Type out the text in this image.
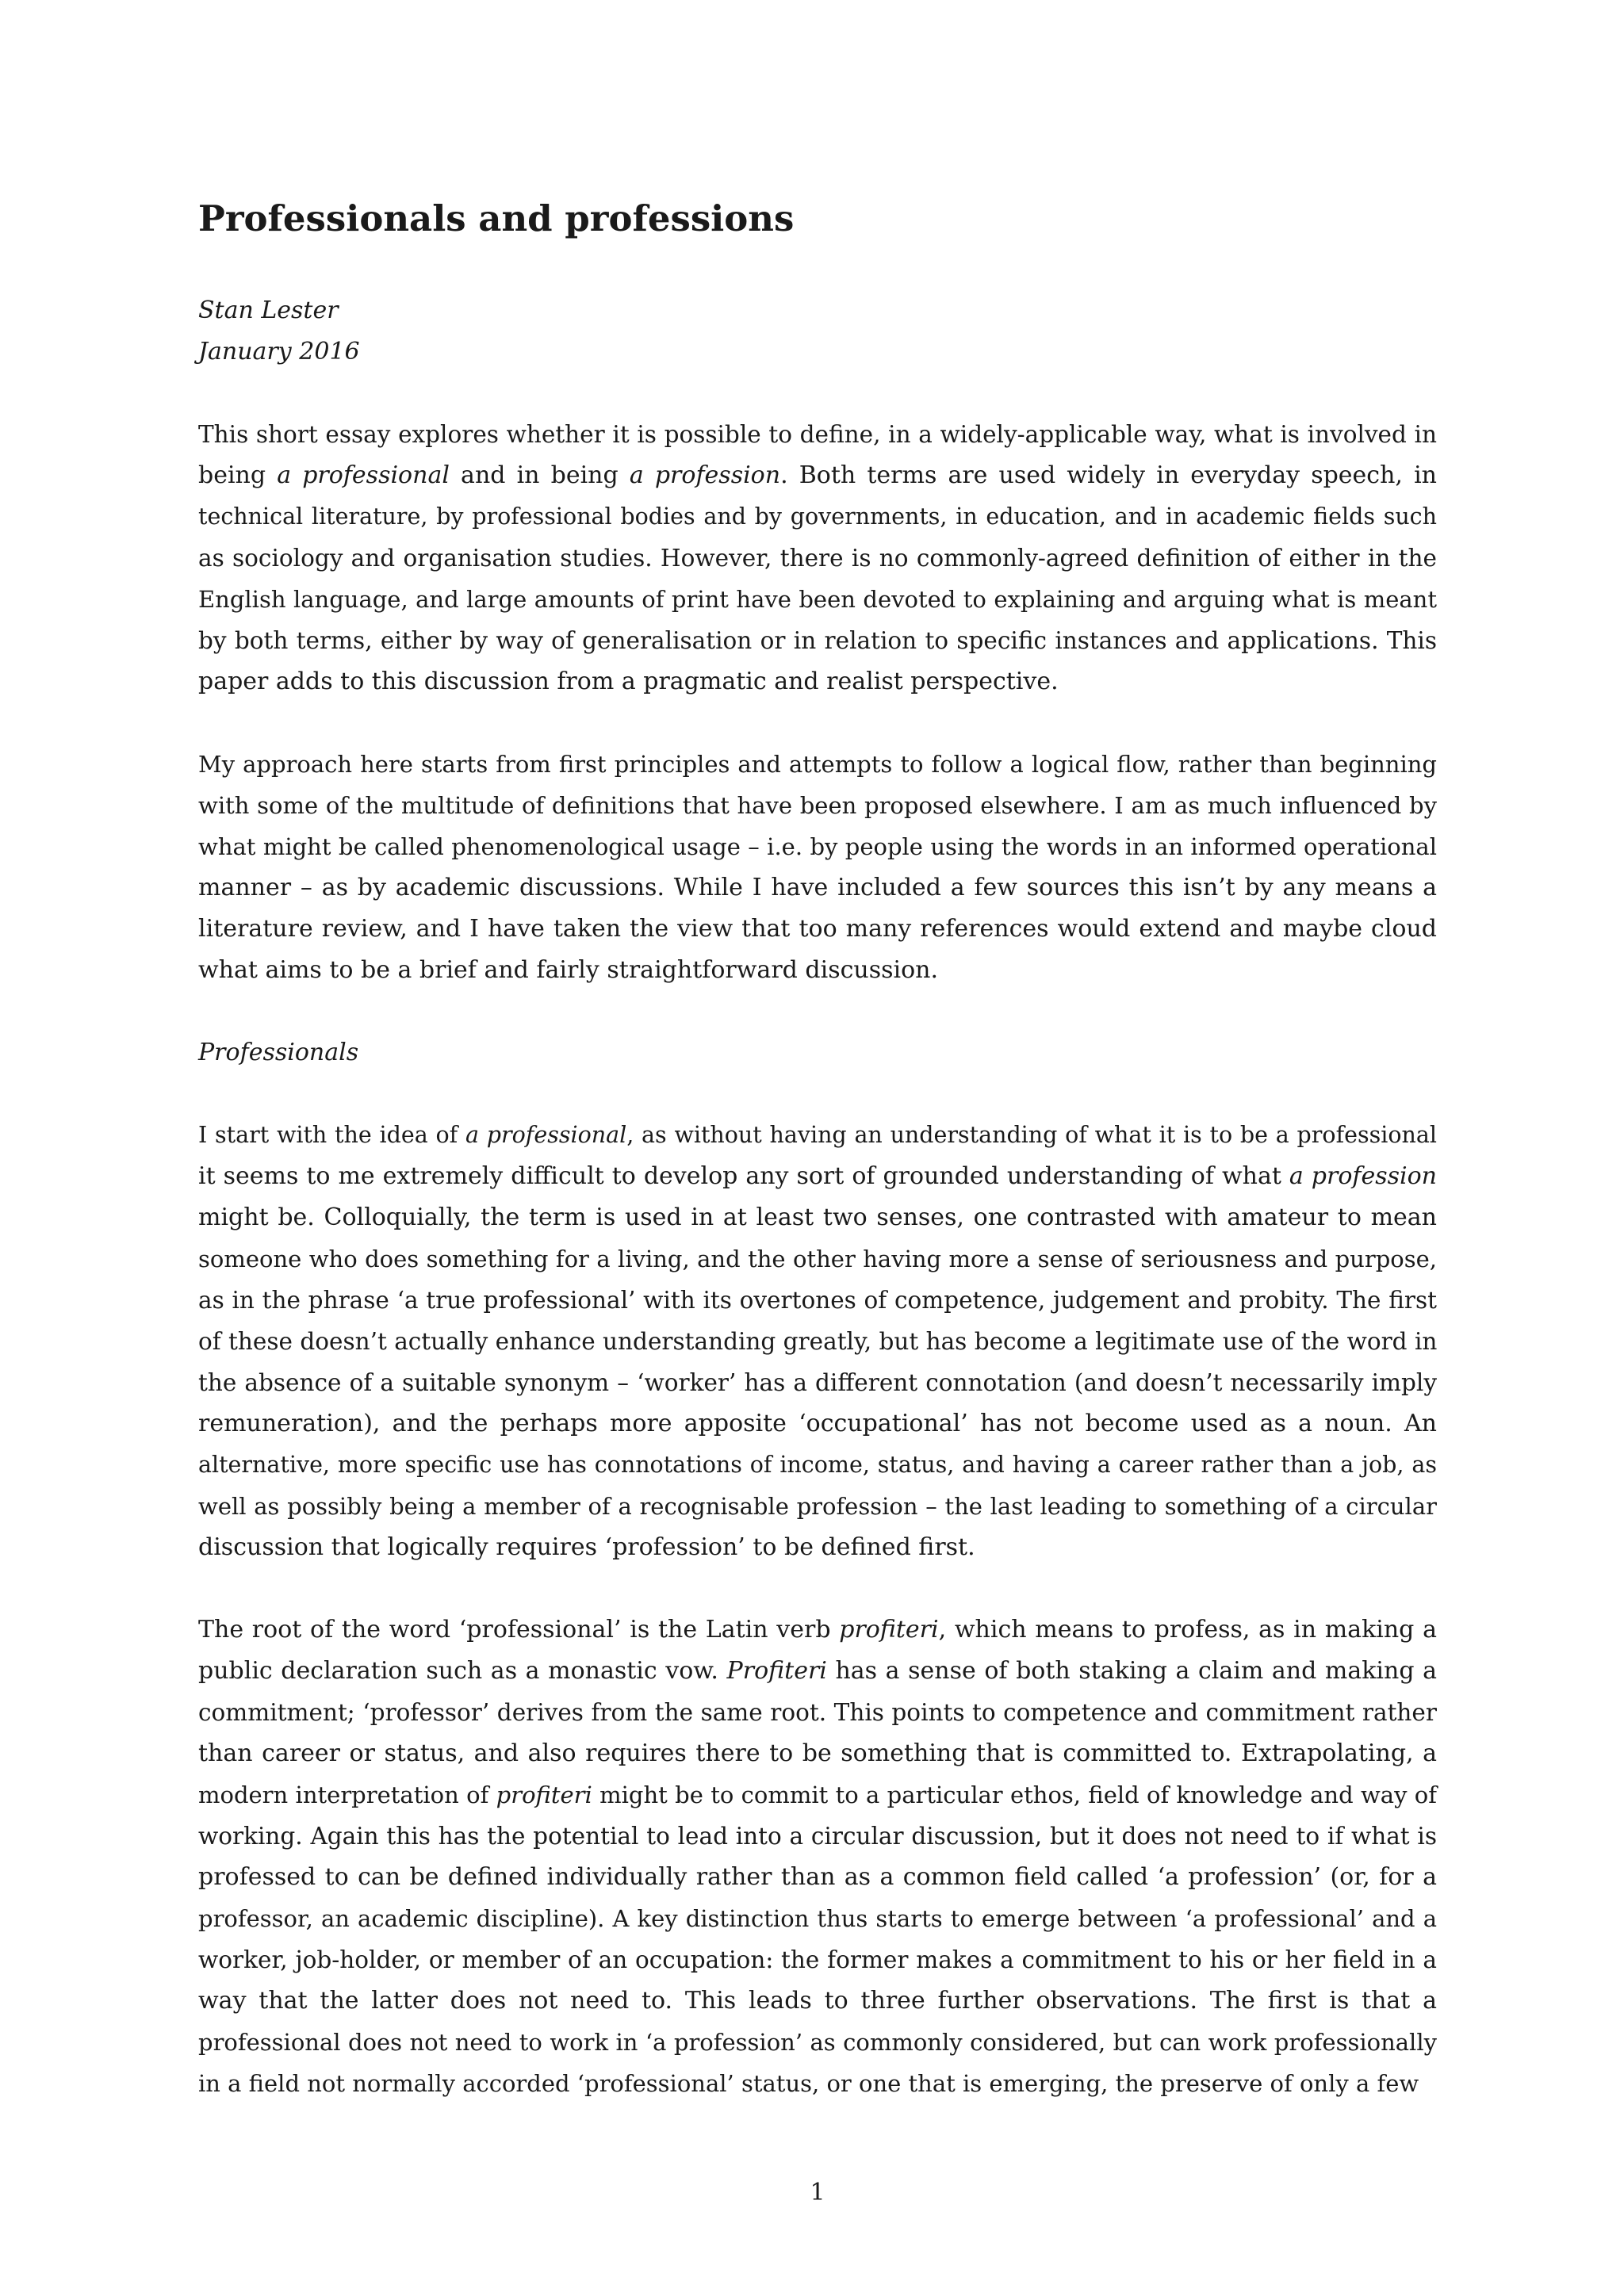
Professionals and professions
Stan Lester
January 2016
This short essay explores whether it is possible to define, in a widely-applicable way, what is involved in
being a professional and in being a profession. Both terms are used widely in everyday speech, in
technical literature, by professional bodies and by governments, in education, and in academic fields such
as sociology and organisation studies. However, there is no commonly-agreed definition of either in the
English language, and large amounts of print have been devoted to explaining and arguing what is meant
by both terms, either by way of generalisation or in relation to specific instances and applications. This
paper adds to this discussion from a pragmatic and realist perspective.
My approach here starts from first principles and attempts to follow a logical flow, rather than beginning
with some of the multitude of definitions that have been proposed elsewhere. I am as much influenced by
what might be called phenomenological usage – i.e. by people using the words in an informed operational
manner – as by academic discussions. While I have included a few sources this isn’t by any means a
literature review, and I have taken the view that too many references would extend and maybe cloud
what aims to be a brief and fairly straightforward discussion.
Professionals
I start with the idea of a professional, as without having an understanding of what it is to be a professional
it seems to me extremely difficult to develop any sort of grounded understanding of what a profession
might be. Colloquially, the term is used in at least two senses, one contrasted with amateur to mean
someone who does something for a living, and the other having more a sense of seriousness and purpose,
as in the phrase ‘a true professional’ with its overtones of competence, judgement and probity. The first
of these doesn’t actually enhance understanding greatly, but has become a legitimate use of the word in
the absence of a suitable synonym – ‘worker’ has a different connotation (and doesn’t necessarily imply
remuneration), and the perhaps more apposite ‘occupational’ has not become used as a noun. An
alternative, more specific use has connotations of income, status, and having a career rather than a job, as
well as possibly being a member of a recognisable profession – the last leading to something of a circular
discussion that logically requires ‘profession’ to be defined first.
The root of the word ‘professional’ is the Latin verb profiteri, which means to profess, as in making a
public declaration such as a monastic vow. Profiteri has a sense of both staking a claim and making a
commitment; ‘professor’ derives from the same root. This points to competence and commitment rather
than career or status, and also requires there to be something that is committed to. Extrapolating, a
modern interpretation of profiteri might be to commit to a particular ethos, field of knowledge and way of
working. Again this has the potential to lead into a circular discussion, but it does not need to if what is
professed to can be defined individually rather than as a common field called ‘a profession’ (or, for a
professor, an academic discipline). A key distinction thus starts to emerge between ‘a professional’ and a
worker, job-holder, or member of an occupation: the former makes a commitment to his or her field in a
way that the latter does not need to. This leads to three further observations. The first is that a
professional does not need to work in ‘a profession’ as commonly considered, but can work professionally
in a field not normally accorded ‘professional’ status, or one that is emerging, the preserve of only a few
1
